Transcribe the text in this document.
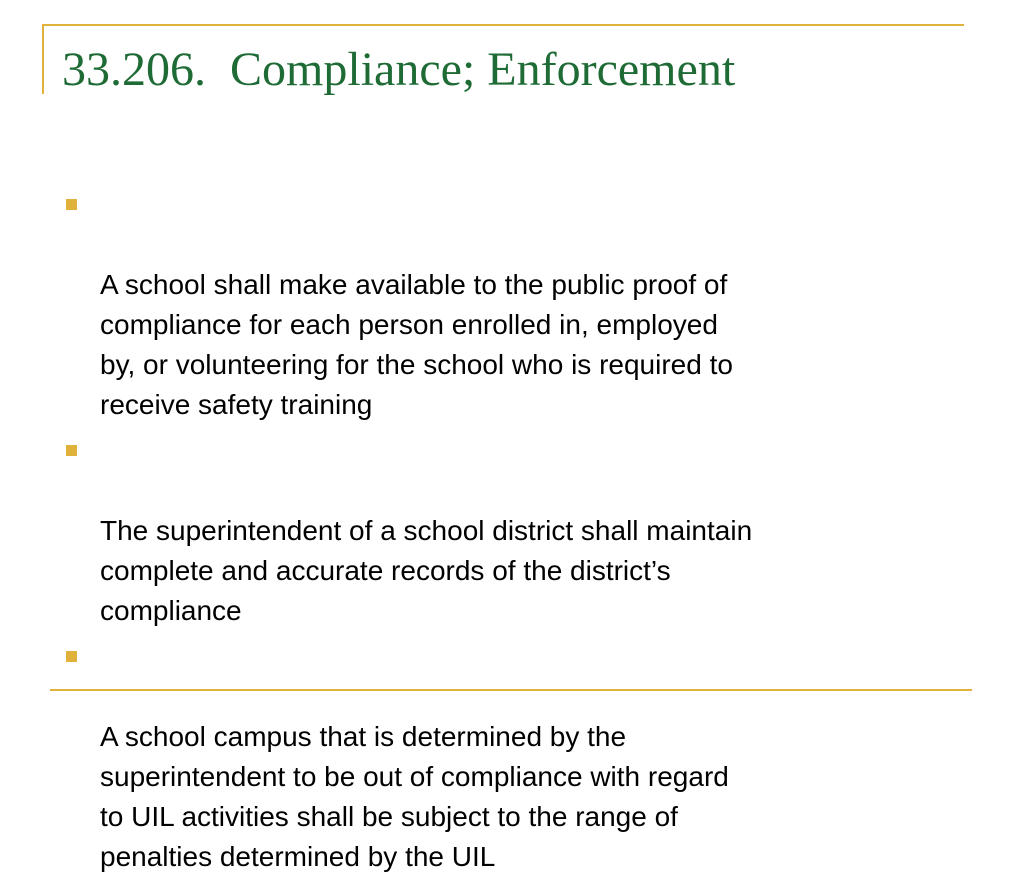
33.206.  Compliance; Enforcement

A school shall make available to the public proof of
compliance for each person enrolled in, employed
by, or volunteering for the school who is required to
receive safety training

The superintendent of a school district shall maintain
complete and accurate records of the district’s
compliance

A school campus that is determined by the
superintendent to be out of compliance with regard
to UIL activities shall be subject to the range of
penalties determined by the UIL
